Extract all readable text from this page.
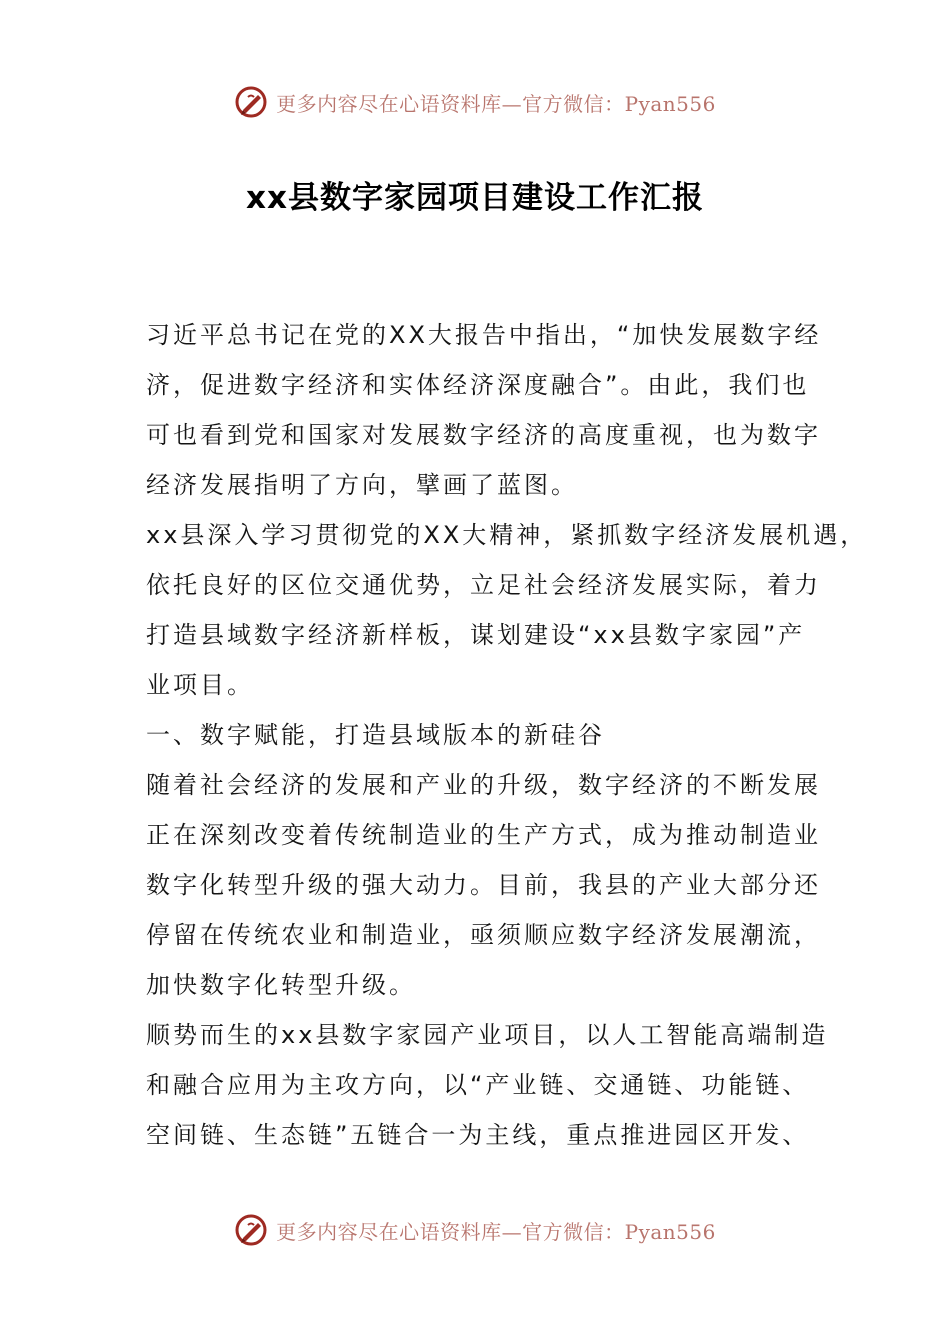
更多内容尽在心语资料库—官方微信：Pyan556
xx县数字家园项目建设工作汇报
习近平总书记在党的XX大报告中指出，“加快发展数字经
济，促进数字经济和实体经济深度融合”。由此，我们也
可也看到党和国家对发展数字经济的高度重视，也为数字
经济发展指明了方向，擘画了蓝图。
xx县深入学习贯彻党的XX大精神，紧抓数字经济发展机遇，
依托良好的区位交通优势，立足社会经济发展实际，着力
打造县域数字经济新样板，谋划建设“xx县数字家园”产
业项目。
一、数字赋能，打造县域版本的新硅谷
随着社会经济的发展和产业的升级，数字经济的不断发展
正在深刻改变着传统制造业的生产方式，成为推动制造业
数字化转型升级的强大动力。目前，我县的产业大部分还
停留在传统农业和制造业，亟须顺应数字经济发展潮流，
加快数字化转型升级。
顺势而生的xx县数字家园产业项目，以人工智能高端制造
和融合应用为主攻方向，以“产业链、交通链、功能链、
空间链、生态链”五链合一为主线，重点推进园区开发、
更多内容尽在心语资料库—官方微信：Pyan556
